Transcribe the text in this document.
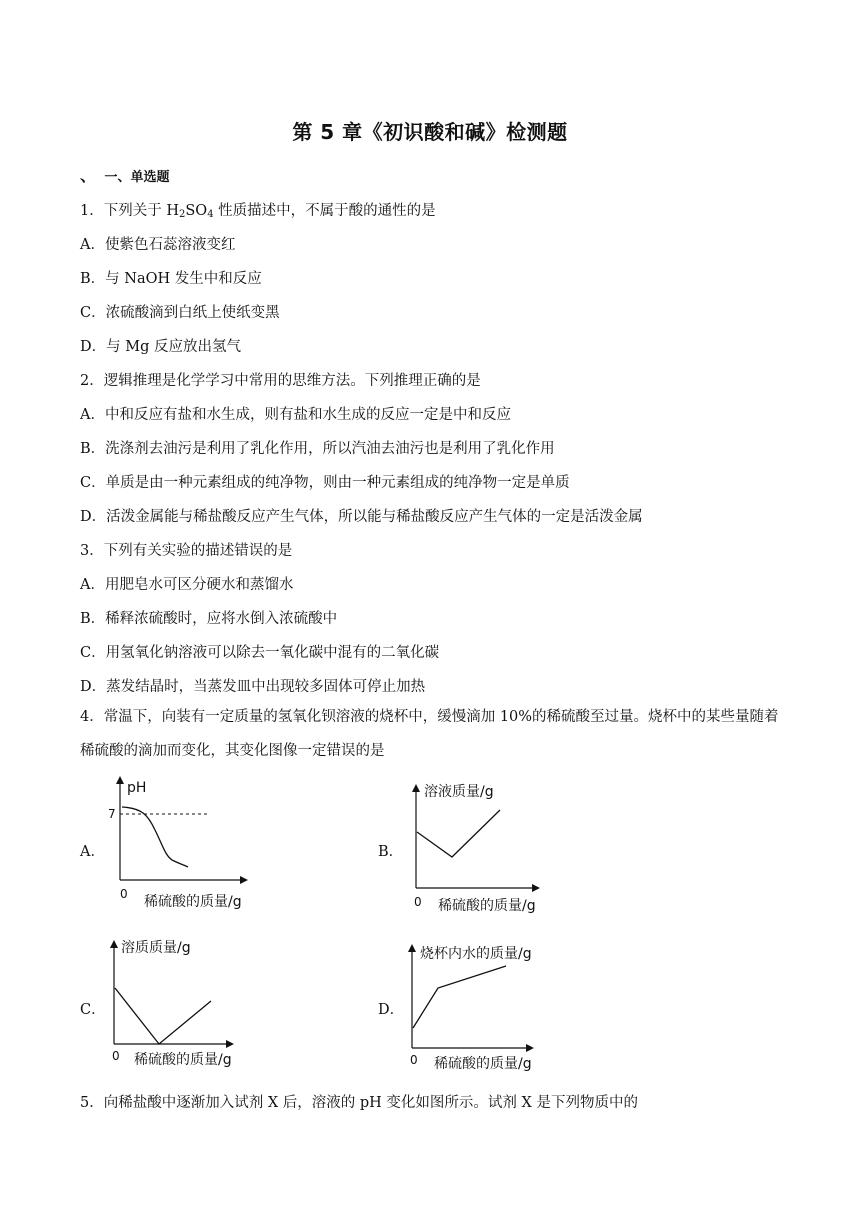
第 5 章《初识酸和碱》检测题
、 一、单选题
1．下列关于 $H_2SO_4$ 性质描述中，不属于酸的通性的是
A．使紫色石蕊溶液变红
B．与 NaOH 发生中和反应
C．浓硫酸滴到白纸上使纸变黑
D．与 Mg 反应放出氢气
2．逻辑推理是化学学习中常用的思维方法。下列推理正确的是
A．中和反应有盐和水生成，则有盐和水生成的反应一定是中和反应
B．洗涤剂去油污是利用了乳化作用，所以汽油去油污也是利用了乳化作用
C．单质是由一种元素组成的纯净物，则由一种元素组成的纯净物一定是单质
D．活泼金属能与稀盐酸反应产生气体，所以能与稀盐酸反应产生气体的一定是活泼金属
3．下列有关实验的描述错误的是
A．用肥皂水可区分硬水和蒸馏水
B．稀释浓硫酸时，应将水倒入浓硫酸中
C．用氢氧化钠溶液可以除去一氧化碳中混有的二氧化碳
D．蒸发结晶时，当蒸发皿中出现较多固体可停止加热
4．常温下，向装有一定质量的氢氧化钡溶液的烧杯中，缓慢滴加 10%的稀硫酸至过量。烧杯中的某些量随着稀硫酸的滴加而变化，其变化图像一定错误的是
A．
pH
7
0 稀硫酸的质量/g
B．
溶液质量/g
0 稀硫酸的质量/g
C．
溶质质量/g
0 稀硫酸的质量/g
D．
烧杯内水的质量/g
0 稀硫酸的质量/g
5．向稀盐酸中逐渐加入试剂 X 后，溶液的 pH 变化如图所示。试剂 X 是下列物质中的
